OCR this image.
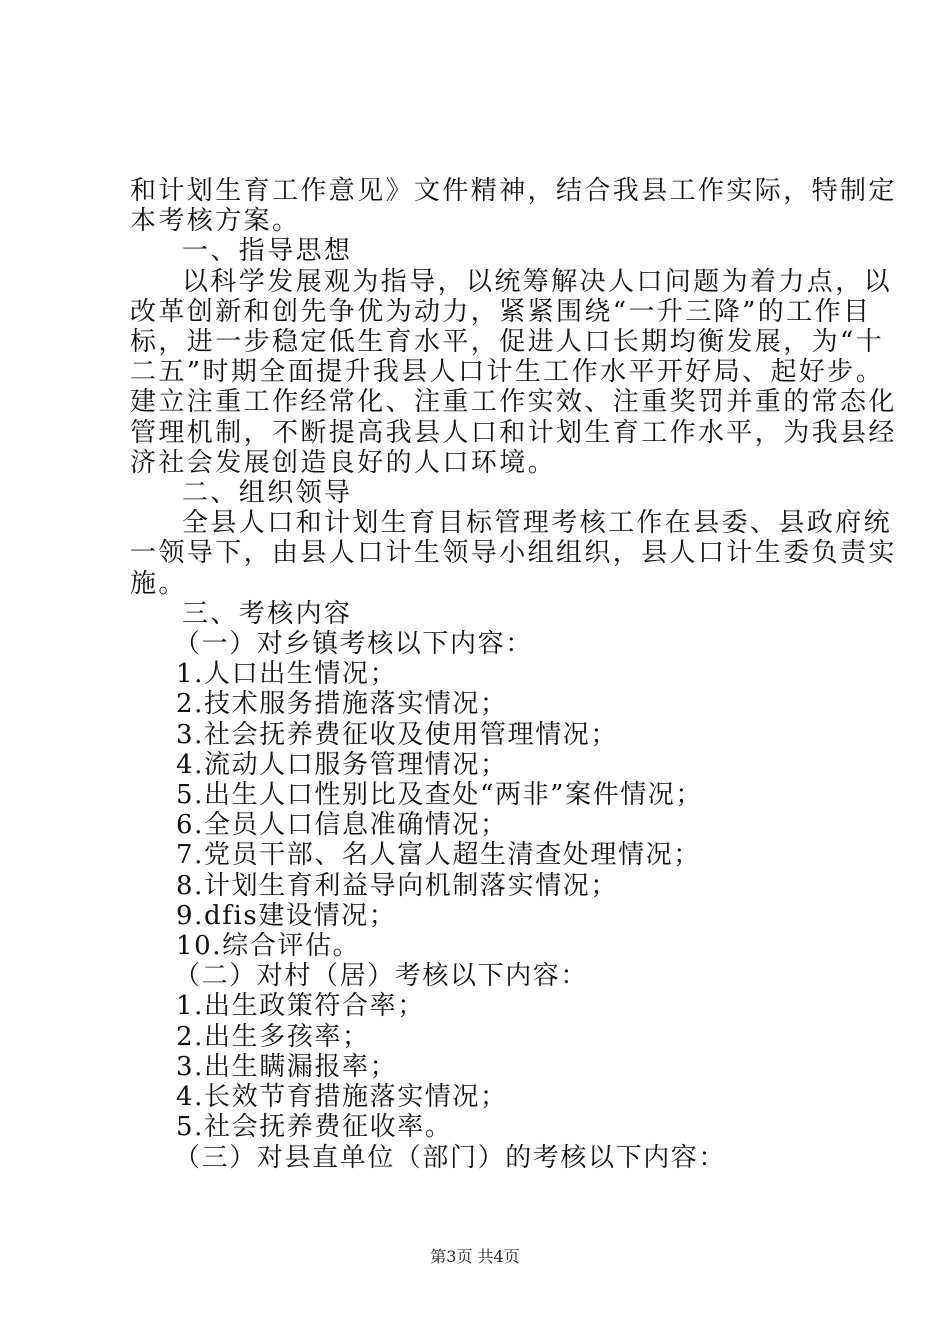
和计划生育工作意见》文件精神，结合我县工作实际，特制定

本考核方案。

一、指导思想

以科学发展观为指导，以统筹解决人口问题为着力点，以

改革创新和创先争优为动力，紧紧围绕“一升三降”的工作目

标，进一步稳定低生育水平，促进人口长期均衡发展，为“十

二五”时期全面提升我县人口计生工作水平开好局、起好步。

建立注重工作经常化、注重工作实效、注重奖罚并重的常态化

管理机制，不断提高我县人口和计划生育工作水平，为我县经

济社会发展创造良好的人口环境。

二、组织领导

全县人口和计划生育目标管理考核工作在县委、县政府统

一领导下，由县人口计生领导小组组织，县人口计生委负责实

施。

三、考核内容

（一）对乡镇考核以下内容：

1.人口出生情况；

2.技术服务措施落实情况；

3.社会抚养费征收及使用管理情况；

4.流动人口服务管理情况；

5.出生人口性别比及查处“两非”案件情况；

6.全员人口信息准确情况；

7.党员干部、名人富人超生清查处理情况；

8.计划生育利益导向机制落实情况；

9.dfis建设情况；

10.综合评估。

（二）对村（居）考核以下内容：

1.出生政策符合率；

2.出生多孩率；

3.出生瞒漏报率；

4.长效节育措施落实情况；

5.社会抚养费征收率。

（三）对县直单位（部门）的考核以下内容：

第3页 共4页
